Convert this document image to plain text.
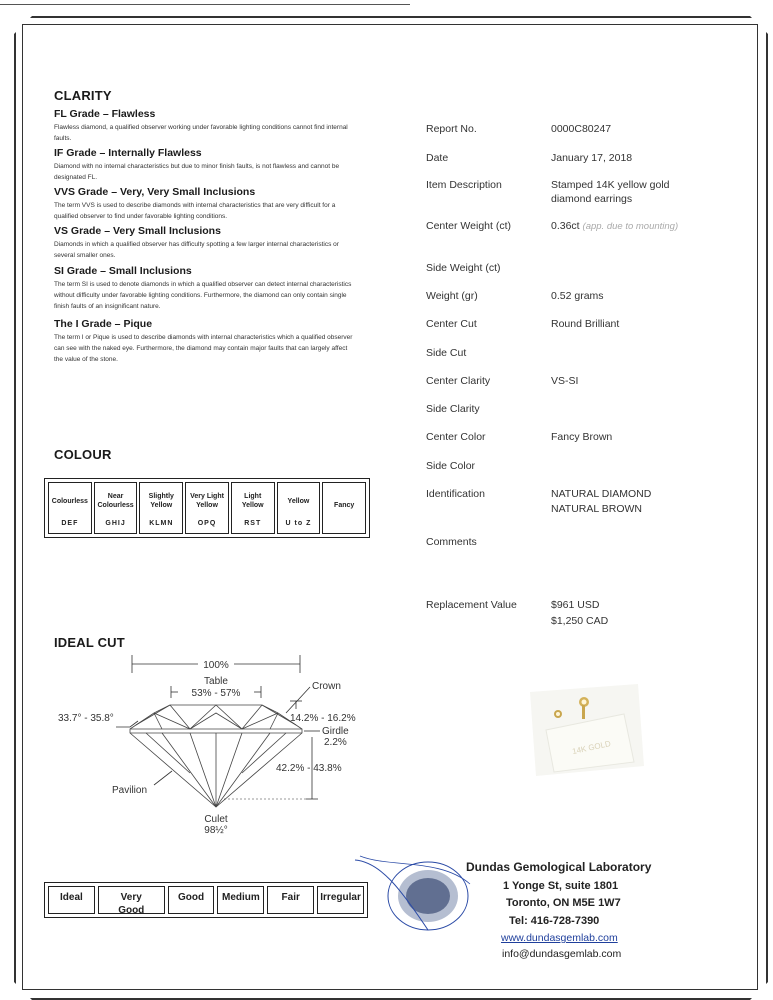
CLARITY
FL Grade – Flawless
Flawless diamond, a qualified observer working under favorable lighting conditions cannot find internal faults.
IF Grade – Internally Flawless
Diamond with no internal characteristics but due to minor finish faults, is not flawless and cannot be designated FL.
VVS Grade – Very, Very Small Inclusions
The term VVS is used to describe diamonds with internal characteristics that are very difficult for a qualified observer to find under favorable lighting conditions.
VS Grade – Very Small Inclusions
Diamonds in which a qualified observer has difficulty spotting a few larger internal characteristics or several smaller ones.
SI Grade – Small Inclusions
The term SI is used to denote diamonds in which a qualified observer can detect internal characteristics without difficulty under favorable lighting conditions. Furthermore, the diamond can only contain single finish faults of an insignificant nature.
The I Grade – Pique
The term I or Pique is used to describe diamonds with internal characteristics which a qualified observer can see with the naked eye. Furthermore, the diamond may contain major faults that can largely affect the value of the stone.
COLOUR
Colourless
DEF
Near Colourless
GHIJ
Slightly Yellow
KLMN
Very Light Yellow
OPQ
Light Yellow
RST
Yellow
U to Z
Fancy
IDEAL CUT
100%
Table
53% - 57%
Crown
33.7° - 35.8°	14.2% - 16.2%
Girdle
2.2%
42.2% - 43.8%
Pavilion
Culet
98½°
Ideal	Very Good
Good	Medium	Fair	Irregular
Report No.	0000C80247
Date	January 17, 2018
Item Description	Stamped 14K yellow gold diamond earrings
Center Weight (ct)	0.36ct (app. due to mounting)
Side Weight (ct)
Weight (gr)	0.52 grams
Center Cut	Round Brilliant
Side Cut
Center Clarity	VS-SI
Side Clarity
Center Color	Fancy Brown
Side Color
Identification	NATURAL DIAMOND
NATURAL BROWN
Comments
Replacement Value	$961 USD
$1,250 CAD
14K GOLD
Dundas Gemological Laboratory
1 Yonge St, suite 1801
Toronto, ON M5E 1W7
Tel: 416-728-7390
www.dundasgemlab.com
info@dundasgemlab.com
